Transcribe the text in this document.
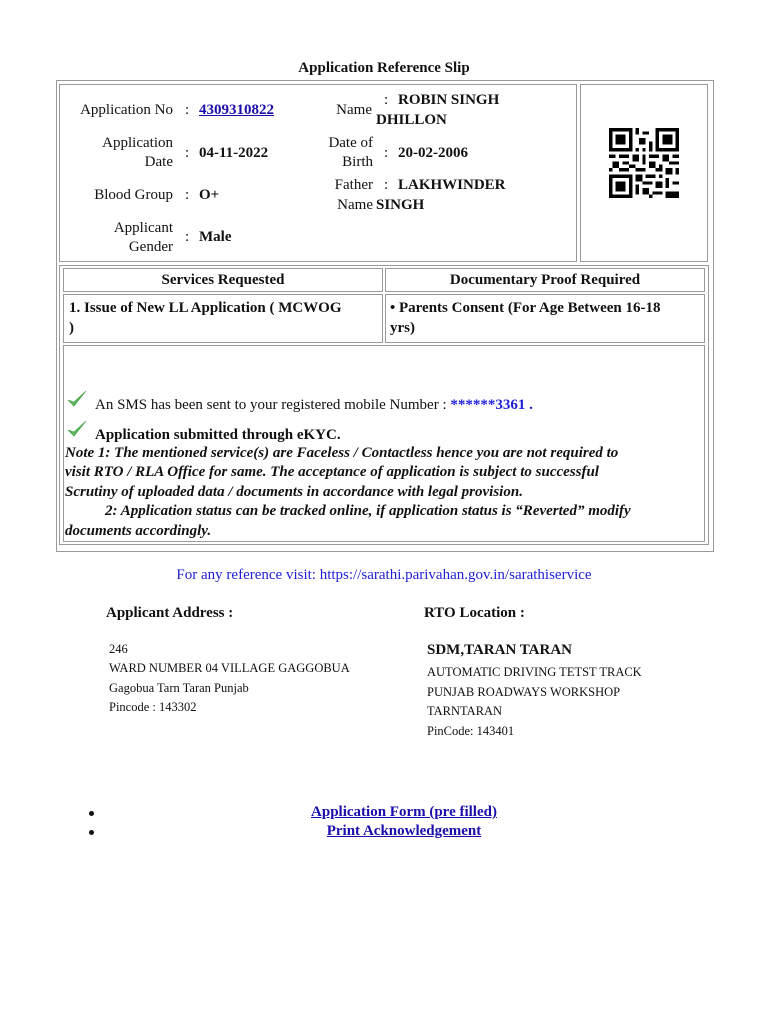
Application Reference Slip
Application No : 4309310822	Name
: ROBIN SINGH
DHILLON
Application
Date
: 04-11-2022
Date of
Birth
: 20-02-2006
Blood Group : O+
Father
Name
: LAKHWINDER
SINGH
Applicant
Gender
: Male
Services Requested	Documentary Proof Required
1. Issue of New LL Application ( MCWOG
)
• Parents Consent (For Age Between 16-18
yrs)
An SMS has been sent to your registered mobile Number : ******3361 .
Application submitted through eKYC.
Note 1: The mentioned service(s) are Faceless / Contactless hence you are not required to
visit RTO / RLA Office for same. The acceptance of application is subject to successful
Scrutiny of uploaded data / documents in accordance with legal provision.
2: Application status can be tracked online, if application status is “Reverted” modify
documents accordingly.
For any reference visit: https://sarathi.parivahan.gov.in/sarathiservice
Applicant Address :
246
WARD NUMBER 04 VILLAGE GAGGOBUA
Gagobua Tarn Taran Punjab
Pincode : 143302
RTO Location :
SDM,TARAN TARAN
AUTOMATIC DRIVING TETST TRACK
PUNJAB ROADWAYS WORKSHOP
TARNTARAN
PinCode: 143401
Application Form (pre filled)
Print Acknowledgement
